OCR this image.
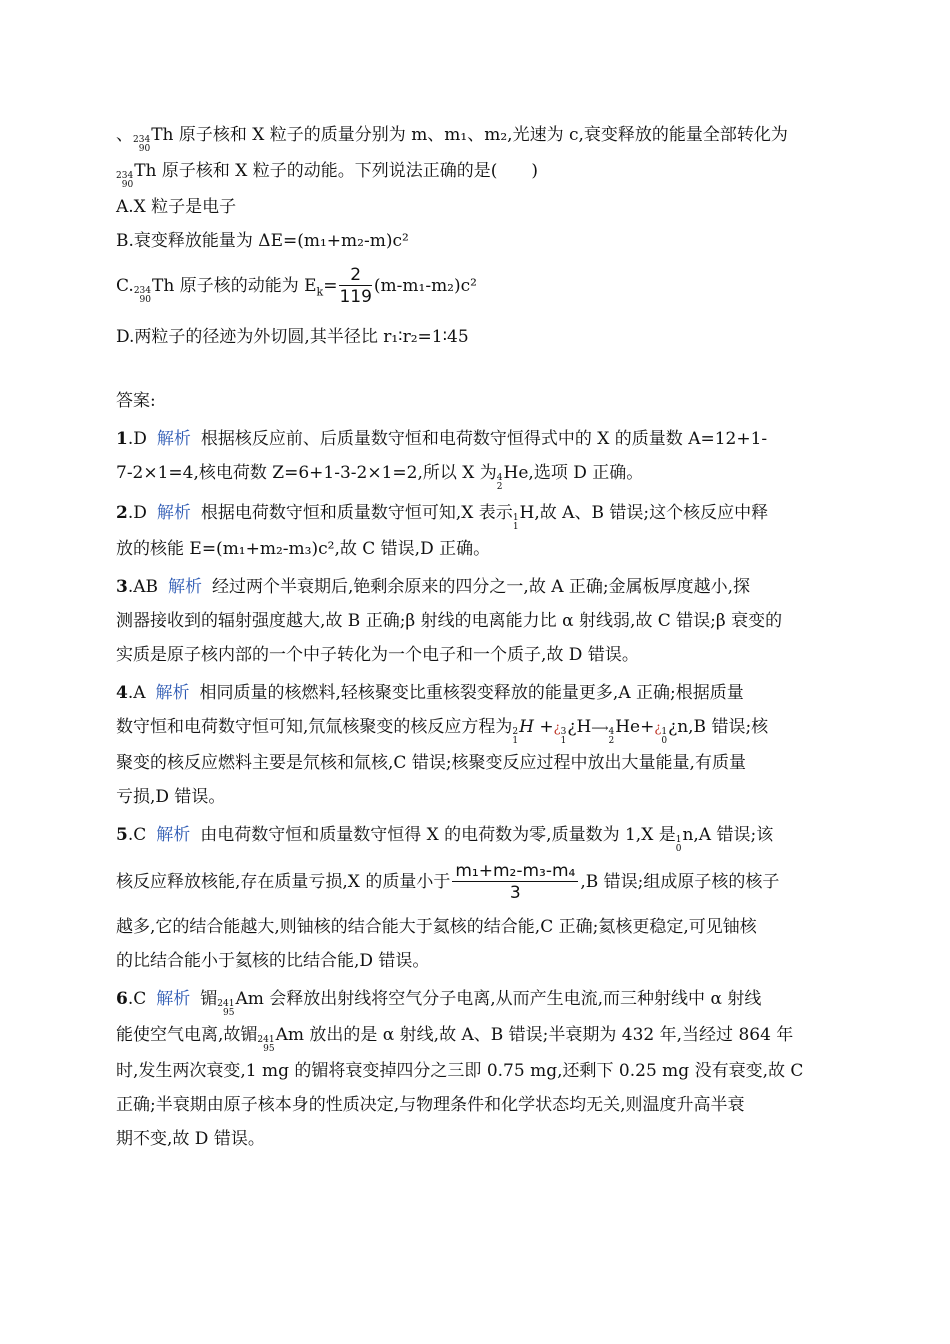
、 234
90
Th 原子核和 X 粒子的质量分别为 m、m₁、m₂,光速为 c,衰变释放的能量全部转化为
234
90
Th 原子核和 X 粒子的动能。下列说法正确的是(　　)
A.X 粒子是电子
B.衰变释放能量为 ΔE=(m₁+m₂-m)c²
C. 234
90
Th 原子核的动能为 $E_k= \frac{2}{119} (m-m_1-m_2)c^2$
D.两粒子的径迹为外切圆,其半径比 r₁∶r₂=1∶45
答案:
1.D 解析 根据核反应前、后质量数守恒和电荷数守恒得式中的 X 的质量数 A=12+1-
7-2×1=4,核电荷数 Z=6+1-3-2×1=2,所以 X 为 4
2
He,选项 D 正确。
2.D 解析 根据电荷数守恒和质量数守恒可知,X 表示 1
1
H,故 A、B 错误;这个核反应中释
放的核能 E=(m₁+m₂-m₃)c²,故 C 错误,D 正确。
3.AB 解析 经过两个半衰期后,铯剩余原来的四分之一,故 A 正确;金属板厚度越小,探
测器接收到的辐射强度越大,故 B 正确;β 射线的电离能力比 α 射线弱,故 C 错误;β 衰变的
实质是原子核内部的一个中子转化为一个电子和一个质子,故 D 错误。
4.A 解析 相同质量的核燃料,轻核聚变比重核裂变释放的能量更多,A 正确;根据质量
数守恒和电荷数守恒可知,氘氚核聚变的核反应方程为 2
1
H +¿ 3
1
¿H⟶ 4
2
He+¿ 1
0
¿n,B 错误;核
聚变的核反应燃料主要是氘核和氚核,C 错误;核聚变反应过程中放出大量能量,有质量
亏损,D 错误。
5.C 解析 由电荷数守恒和质量数守恒得 X 的电荷数为零,质量数为 1,X 是 1
0
n,A 错误;该
核反应释放核能,存在质量亏损,X 的质量小于 $\frac{\text{m₁+m₂-m₃-m₄}}{3} ,B$ 错误;组成原子核的核子
越多,它的结合能越大,则铀核的结合能大于氦核的结合能,C 正确;氦核更稳定,可见铀核
的比结合能小于氦核的比结合能,D 错误。
6.C 解析 镅 241
95
Am 会释放出射线将空气分子电离,从而产生电流,而三种射线中 α 射线
能使空气电离,故镅 241
95
Am 放出的是 α 射线,故 A、B 错误;半衰期为 432 年,当经过 864 年
时,发生两次衰变,1 mg 的镅将衰变掉四分之三即 0.75 mg,还剩下 0.25 mg 没有衰变,故 C
正确;半衰期由原子核本身的性质决定,与物理条件和化学状态均无关,则温度升高半衰
期不变,故 D 错误。
